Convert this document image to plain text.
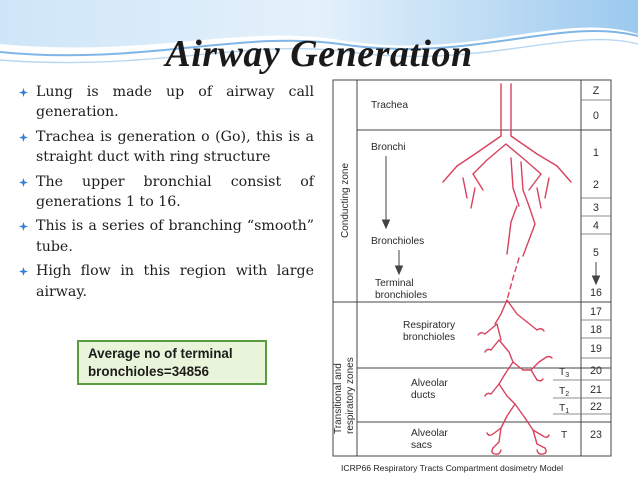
Airway Generation
Lung is made up of airway call generation.
Trachea is generation o (Go), this is a straight duct with ring structure
The upper bronchial consist of generations 1 to 16.
This is a series of branching “smooth” tube.
High flow in this region with large airway.
Average no of terminal
bronchioles=34856
Conducting zone
Transitional and respiratory zones
Trachea
Bronchi
Bronchioles
Terminal
bronchioles
Respiratory
bronchioles
Alveolar
ducts
Alveolar
sacs
Z
0
1
2
3
4
5
16
17
18
19
20
21
22
23
T3
T2
T1
T
ICRP66 Respiratory Tracts Compartment dosimetry Model
